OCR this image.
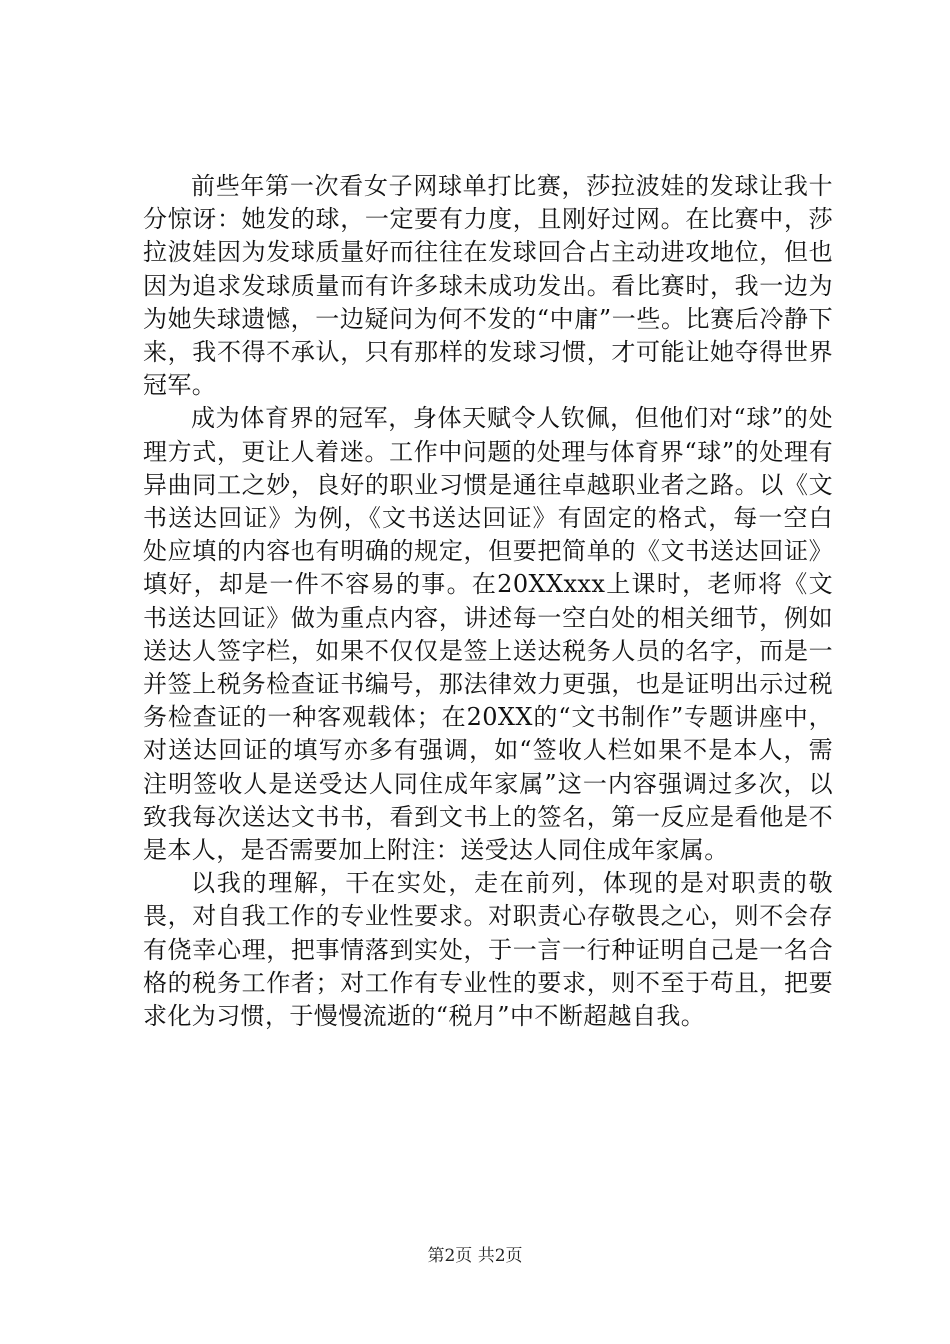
前些年第一次看女子网球单打比赛，莎拉波娃的发球让我十分惊讶：她发的球，一定要有力度，且刚好过网。在比赛中，莎拉波娃因为发球质量好而往往在发球回合占主动进攻地位，但也因为追求发球质量而有许多球未成功发出。看比赛时，我一边为为她失球遗憾，一边疑问为何不发的“中庸”一些。比赛后冷静下来，我不得不承认，只有那样的发球习惯，才可能让她夺得世界冠军。

成为体育界的冠军，身体天赋令人钦佩，但他们对“球”的处理方式，更让人着迷。工作中问题的处理与体育界“球”的处理有异曲同工之妙，良好的职业习惯是通往卓越职业者之路。以《文书送达回证》为例，《文书送达回证》有固定的格式，每一空白处应填的内容也有明确的规定，但要把简单的《文书送达回证》填好，却是一件不容易的事。在20XXxxx上课时，老师将《文书送达回证》做为重点内容，讲述每一空白处的相关细节，例如送达人签字栏，如果不仅仅是签上送达税务人员的名字，而是一并签上税务检查证书编号，那法律效力更强，也是证明出示过税务检查证的一种客观载体；在20XX的“文书制作”专题讲座中，对送达回证的填写亦多有强调，如“签收人栏如果不是本人，需注明签收人是送受达人同住成年家属”这一内容强调过多次，以致我每次送达文书书，看到文书上的签名，第一反应是看他是不是本人，是否需要加上附注：送受达人同住成年家属。

以我的理解，干在实处，走在前列，体现的是对职责的敬畏，对自我工作的专业性要求。对职责心存敬畏之心，则不会存有侥幸心理，把事情落到实处，于一言一行种证明自己是一名合格的税务工作者；对工作有专业性的要求，则不至于苟且，把要求化为习惯，于慢慢流逝的“税月”中不断超越自我。

第2页 共2页
